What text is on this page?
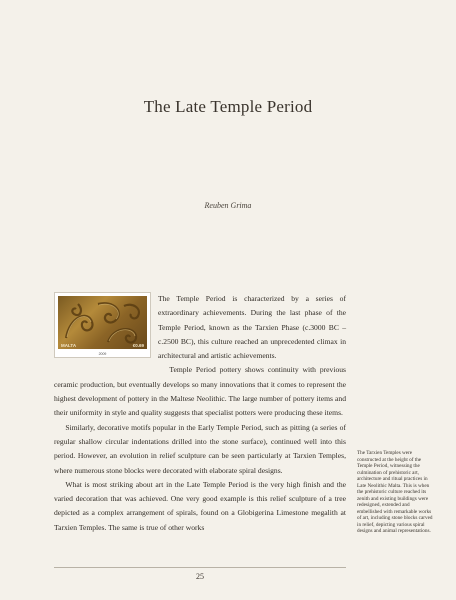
The Late Temple Period
Reuben Grima
MALTA	€0.69
2009

The Temple Period is characterized by a series of extraordinary achievements. During the last phase of the Temple Period, known as the Tarxien Phase (c.3000 BC – c.2500 BC), this culture reached an unprecedented climax in architectural and artistic achievements.

Temple Period pottery shows continuity with previous ceramic production, but eventually develops so many innovations that it comes to represent the highest development of pottery in the Maltese Neolithic. The large number of pottery items and their uniformity in style and quality suggests that specialist potters were producing these items.

Similarly, decorative motifs popular in the Early Temple Period, such as pitting (a series of regular shallow circular indentations drilled into the stone surface), continued well into this period. However, an evolution in relief sculpture can be seen particularly at Tarxien Temples, where numerous stone blocks were decorated with elaborate spiral designs.

What is most striking about art in the Late Temple Period is the very high finish and the varied decoration that was achieved. One very good example is this relief sculpture of a tree depicted as a complex arrangement of spirals, found on a Globigerina Limestone megalith at Tarxien Temples. The same is true of other works

The Tarxien Temples were constructed at the height of the Temple Period, witnessing the culmination of prehistoric art, architecture and ritual practices in Late Neolithic Malta. This is when the prehistoric culture reached its zenith and existing buildings were redesigned, extended and embellished with remarkable works of art, including stone blocks carved in relief, depicting various spiral designs and animal representations.
25
